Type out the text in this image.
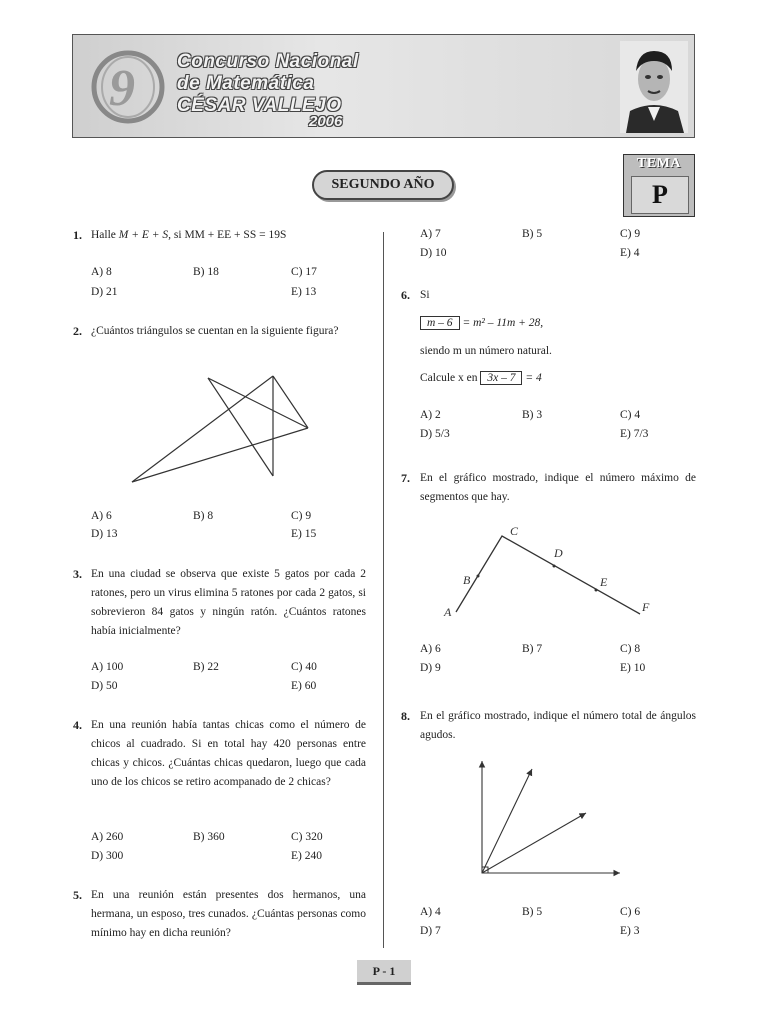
9 Concurso Nacional
de Matemática
CÉSAR VALLEJO
2006
TEMA
P
SEGUNDO AÑO
1. Halle M + E + S, si MM + EE + SS = 19S
A) 8	B) 18	C) 17
D) 21	E) 13
2. ¿Cuántos triángulos se cuentan en la siguiente figura?
A) 6	B) 8	C) 9
D) 13	E) 15
3. En una ciudad se observa que existe 5 gatos por cada 2 ratones, pero un virus elimina 5 ratones por cada 2 gatos, si sobrevieron 84 gatos y ningún ratón. ¿Cuántos ratones había inicialmente?
A) 100	B) 22	C) 40
D) 50	E) 60
4. En una reunión había tantas chicas como el número de chicos al cuadrado. Si en total hay 420 personas entre chicas y chicos. ¿Cuántas chicas quedaron, luego que cada uno de los chicos se retiro acompanado de 2 chicas?
A) 260	B) 360	C) 320
D) 300	E) 240
5. En una reunión están presentes dos hermanos, una hermana, un esposo, tres cunados. ¿Cuántas personas como mínimo hay en dicha reunión?
A) 7	B) 5	C) 9
D) 10	E) 4
6. Si
m – 6 = m² – 11m + 28,
siendo m un número natural.
Calcule x en 3x – 7 = 4
A) 2	B) 3	C) 4
D) 5/3	E) 7/3
7. En el gráfico mostrado, indique el número máximo de segmentos que hay.
A
B
C
D
E
F
A) 6	B) 7	C) 8
D) 9	E) 10
8. En el gráfico mostrado, indique el número total de ángulos agudos.
A) 4	B) 5	C) 6
D) 7	E) 3
P - 1
